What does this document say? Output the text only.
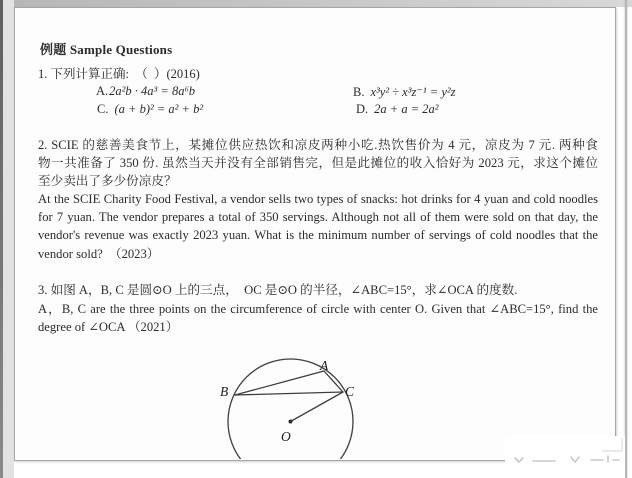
例题 Sample Questions
1. 下列计算正确:  （  ）(2016)
A.2a²b · 4a³ = 8a⁶b	B. x³y² ÷ x³z⁻¹ = y²z
C. (a + b)² = a² + b²	D. 2a + a = 2a²
2. SCIE 的慈善美食节上，某摊位供应热饮和凉皮两种小吃.热饮售价为 4 元，凉皮为 7 元. 两种食
物一共准备了 350 份. 虽然当天并没有全部销售完，但是此摊位的收入恰好为 2023 元，求这个摊位
至少卖出了多少份凉皮？
At the SCIE Charity Food Festival, a vendor sells two types of snacks: hot drinks for 4 yuan and cold noodles
for 7 yuan. The vendor prepares a total of 350 servings. Although not all of them were sold on that day, the
vendor's revenue was exactly 2023 yuan. What is the minimum number of servings of cold noodles that the
vendor sold?  （2023）
3. 如图 A，B, C 是圆⊙O 上的三点，  OC 是⊙O 的半径，∠ABC=15°，求∠OCA 的度数.
A，B, C are the three points on the circumference of circle with center O. Given that ∠ABC=15°, find the
degree of ∠OCA （2021）
A
B	C
O
